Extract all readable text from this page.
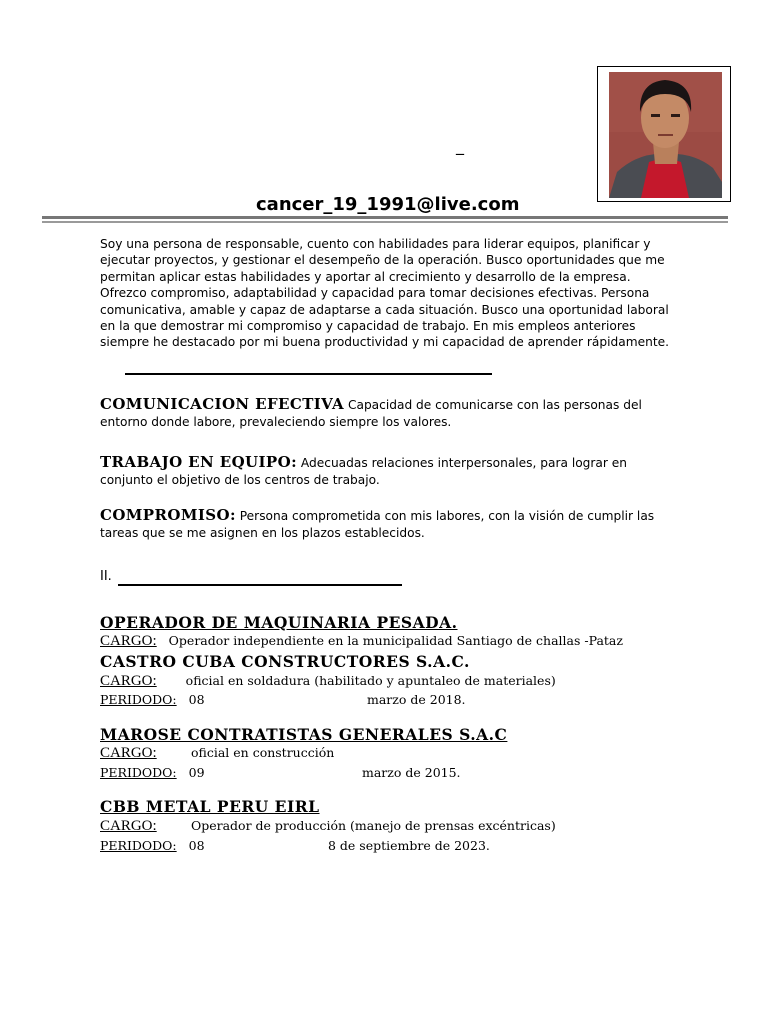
_
cancer_19_1991@live.com
Soy una persona de responsable, cuento con habilidades para liderar equipos, planificar y ejecutar proyectos, y gestionar el desempeño de la operación. Busco oportunidades que me permitan aplicar estas habilidades y aportar al crecimiento y desarrollo de la empresa. Ofrezco compromiso, adaptabilidad y capacidad para tomar decisiones efectivas. Persona comunicativa, amable y capaz de adaptarse a cada situación. Busco una oportunidad laboral en la que demostrar mi compromiso y capacidad de trabajo. En mis empleos anteriores siempre he destacado por mi buena productividad y mi capacidad de aprender rápidamente.
COMUNICACION EFECTIVA Capacidad de comunicarse con las personas del entorno donde labore, prevaleciendo siempre los valores.
TRABAJO EN EQUIPO: Adecuadas relaciones interpersonales, para lograr en conjunto el objetivo de los centros de trabajo.
COMPROMISO: Persona comprometida con mis labores, con la visión de cumplir las tareas que se me asignen en los plazos establecidos.
II.
OPERADOR DE MAQUINARIA PESADA.
CARGO: Operador independiente en la municipalidad Santiago de challas -Pataz
CASTRO CUBA CONSTRUCTORES S.A.C.
CARGO: oficial en soldadura (habilitado y apuntaleo de materiales)
PERIDODO: 08	marzo de 2018.
MAROSE CONTRATISTAS GENERALES S.A.C
CARGO:	oficial en construcción
PERIDODO: 09	marzo de 2015.
CBB METAL PERU EIRL
CARGO:	Operador de producción (manejo de prensas excéntricas)
PERIDODO: 08	8 de septiembre de 2023.
